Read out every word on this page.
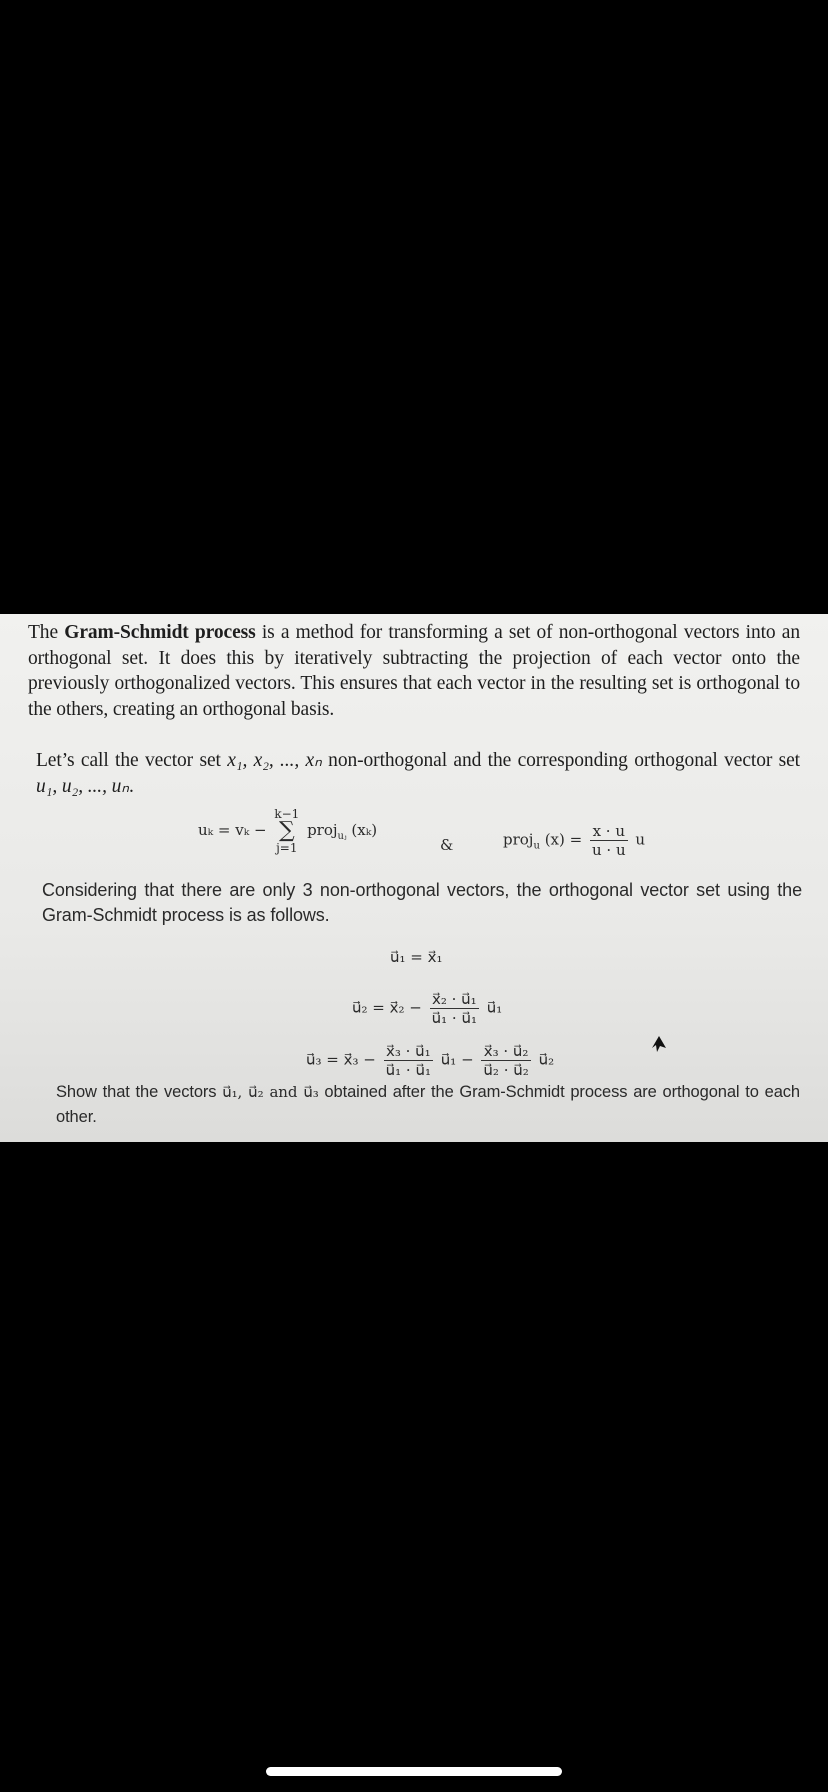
The Gram-Schmidt process is a method for transforming a set of non-orthogonal vectors into an orthogonal set. It does this by iteratively subtracting the projection of each vector onto the previously orthogonalized vectors. This ensures that each vector in the resulting set is orthogonal to the others, creating an orthogonal basis.
Let’s call the vector set x₁, x₂, ..., xₙ non-orthogonal and the corresponding orthogonal vector set u₁, u₂, ..., uₙ.
uₖ = vₖ −
k−1
∑
j=1
proj$_{uⱼ}$ (xₖ)
&	proj$_u$ $(x) = \frac{x \cdot u}{u \cdot u}$ u
Considering that there are only 3 non-orthogonal vectors, the orthogonal vector set using the Gram-Schmidt process is as follows.
u⃗₁ = x⃗₁
u⃗₂ = x⃗₂ − $\frac{\text{x⃗₂ · u⃗₁}}{\text{u⃗₁ · u⃗₁}}$ u⃗₁
u⃗₃ = x⃗₃ − $\frac{\text{x⃗₃ · u⃗₁}}{\text{u⃗₁ · u⃗₁}}$ u⃗₁ − $\frac{\text{x⃗₃ · u⃗₂}}{\text{u⃗₂ · u⃗₂}}$ u⃗₂
Show that the vectors u⃗₁, u⃗₂ and u⃗₃ obtained after the Gram-Schmidt process are orthogonal to each other.
